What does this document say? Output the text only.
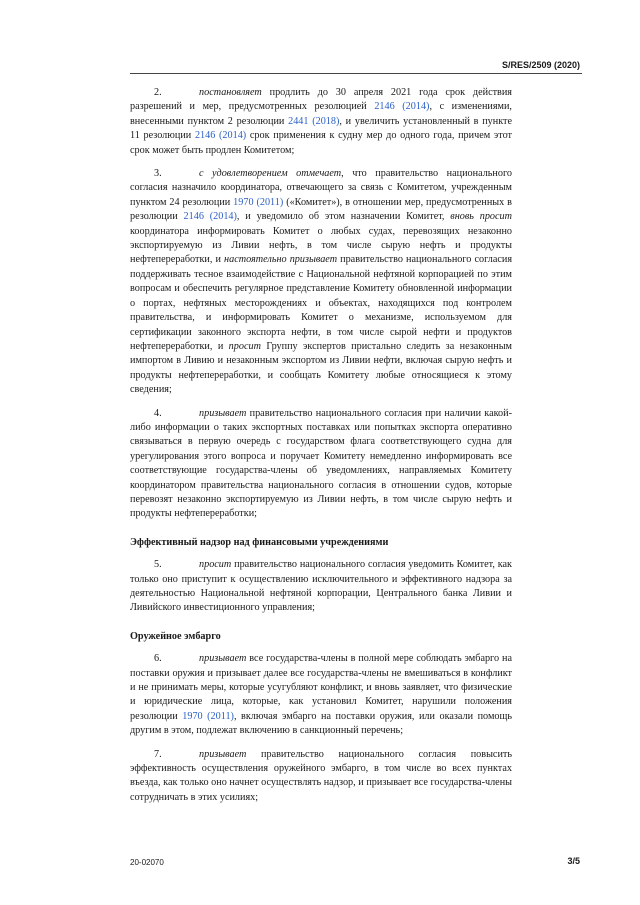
S/RES/2509 (2020)

2.	постановляет продлить до 30 апреля 2021 года срок действия разрешений и мер, предусмотренных резолюцией 2146 (2014), с изменениями, внесенными пунктом 2 резолюции 2441 (2018), и увеличить установленный в пункте 11 резолюции 2146 (2014) срок применения к судну мер до одного года, причем этот срок может быть продлен Комитетом;

3.	с удовлетворением отмечает, что правительство национального согласия назначило координатора, отвечающего за связь с Комитетом, учрежденным пунктом 24 резолюции 1970 (2011) («Комитет»), в отношении мер, предусмотренных в резолюции 2146 (2014), и уведомило об этом назначении Комитет, вновь просит координатора информировать Комитет о любых судах, перевозящих незаконно экспортируемую из Ливии нефть, в том числе сырую нефть и продукты нефтепереработки, и настоятельно призывает правительство национального согласия поддерживать тесное взаимодействие с Национальной нефтяной корпорацией по этим вопросам и обеспечить регулярное представление Комитету обновленной информации о портах, нефтяных месторождениях и объектах, находящихся под контролем правительства, и информировать Комитет о механизме, используемом для сертификации законного экспорта нефти, в том числе сырой нефти и продуктов нефтепереработки, и просит Группу экспертов пристально следить за незаконным импортом в Ливию и незаконным экспортом из Ливии нефти, включая сырую нефть и продукты нефтепереработки, и сообщать Комитету любые относящиеся к этому сведения;

4.	призывает правительство национального согласия при наличии какой-либо информации о таких экспортных поставках или попытках экспорта оперативно связываться в первую очередь с государством флага соответствующего судна для урегулирования этого вопроса и поручает Комитету немедленно информировать все соответствующие государства-члены об уведомлениях, направляемых Комитету координатором правительства национального согласия в отношении судов, которые перевозят незаконно экспортируемую из Ливии нефть, в том числе сырую нефть и продукты нефтепереработки;

Эффективный надзор над финансовыми учреждениями

5.	просит правительство национального согласия уведомить Комитет, как только оно приступит к осуществлению исключительного и эффективного надзора за деятельностью Национальной нефтяной корпорации, Центрального банка Ливии и Ливийского инвестиционного управления;

Оружейное эмбарго

6.	призывает все государства-члены в полной мере соблюдать эмбарго на поставки оружия и призывает далее все государства-члены не вмешиваться в конфликт и не принимать меры, которые усугубляют конфликт, и вновь заявляет, что физические и юридические лица, которые, как установил Комитет, нарушили положения резолюции 1970 (2011), включая эмбарго на поставки оружия, или оказали помощь другим в этом, подлежат включению в санкционный перечень;

7.	призывает правительство национального согласия повысить эффективность осуществления оружейного эмбарго, в том числе во всех пунктах въезда, как только оно начнет осуществлять надзор, и призывает все государства-члены сотрудничать в этих усилиях;

20-02070	3/5
